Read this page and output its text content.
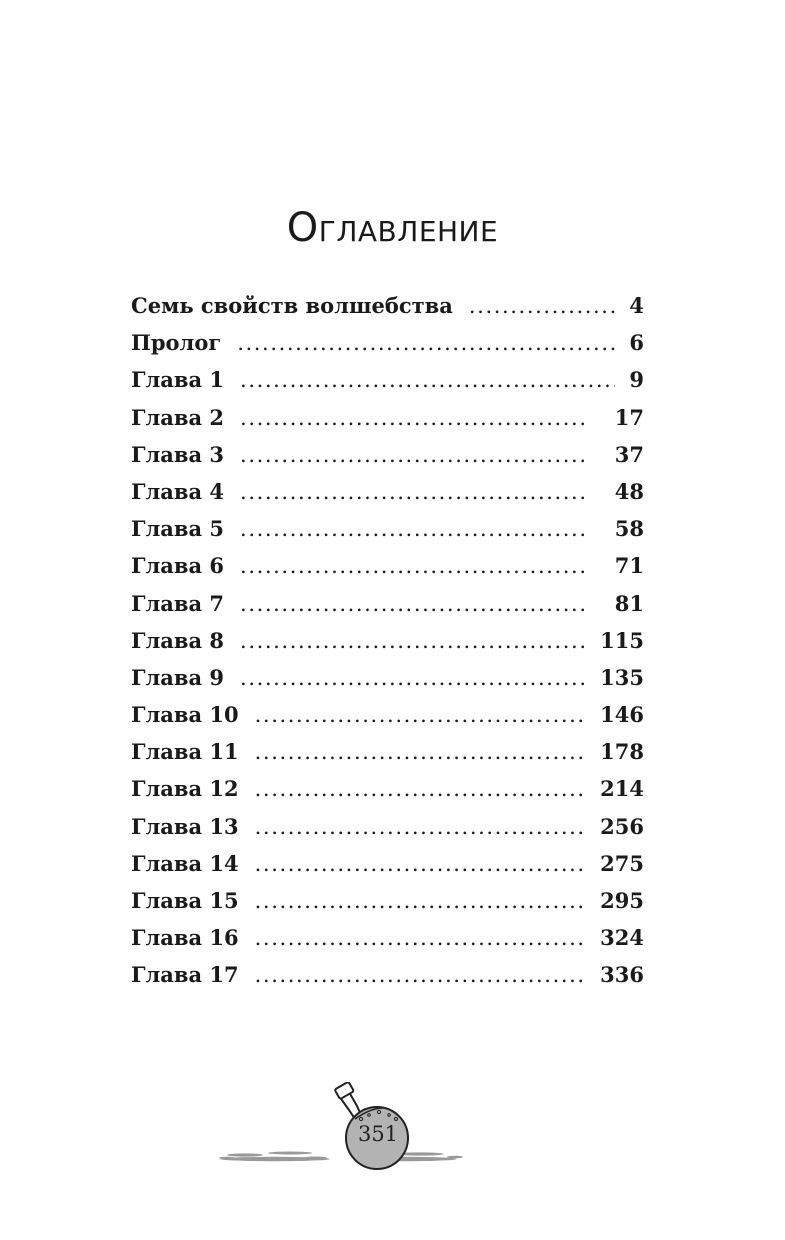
Оглавление
Семь свойств волшебства .....	4
Пролог .....	6
Глава 1 .....	9
Глава 2 .....	17
Глава 3 .....	37
Глава 4 .....	48
Глава 5 .....	58
Глава 6 .....	71
Глава 7 .....	81
Глава 8 .....	115
Глава 9 .....	135
Глава 10 .....	146
Глава 11 .....	178
Глава 12 .....	214
Глава 13 .....	256
Глава 14 .....	275
Глава 15 .....	295
Глава 16 .....	324
Глава 17 .....	336
351
